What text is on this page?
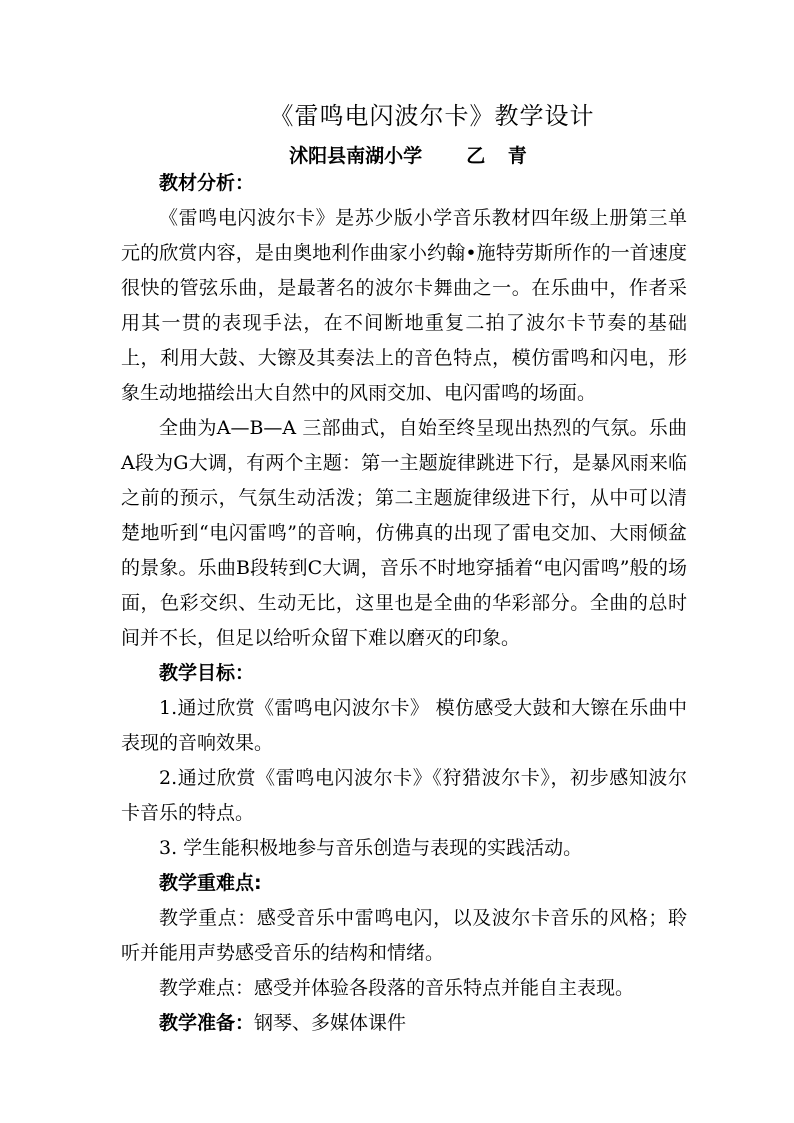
《雷鸣电闪波尔卡》教学设计
沭阳县南湖小学 乙 青

教材分析：

《雷鸣电闪波尔卡》是苏少版小学音乐教材四年级上册第三单元的欣赏内容，是由奥地利作曲家小约翰•施特劳斯所作的一首速度很快的管弦乐曲，是最著名的波尔卡舞曲之一。在乐曲中，作者采用其一贯的表现手法，在不间断地重复二拍了波尔卡节奏的基础上，利用大鼓、大镲及其奏法上的音色特点，模仿雷鸣和闪电，形象生动地描绘出大自然中的风雨交加、电闪雷鸣的场面。

全曲为A—B—A 三部曲式，自始至终呈现出热烈的气氛。乐曲A段为G大调，有两个主题：第一主题旋律跳进下行，是暴风雨来临之前的预示，气氛生动活泼；第二主题旋律级进下行，从中可以清楚地听到“电闪雷鸣”的音响，仿佛真的出现了雷电交加、大雨倾盆的景象。乐曲B段转到C大调，音乐不时地穿插着“电闪雷鸣”般的场面，色彩交织、生动无比，这里也是全曲的华彩部分。全曲的总时间并不长，但足以给听众留下难以磨灭的印象。

教学目标：

1.通过欣赏《雷鸣电闪波尔卡》 模仿感受大鼓和大镲在乐曲中表现的音响效果。

2.通过欣赏《雷鸣电闪波尔卡》《狩猎波尔卡》，初步感知波尔卡音乐的特点。

3. 学生能积极地参与音乐创造与表现的实践活动。

教学重难点:

教学重点：感受音乐中雷鸣电闪，以及波尔卡音乐的风格；聆听并能用声势感受音乐的结构和情绪。

教学难点：感受并体验各段落的音乐特点并能自主表现。

教学准备：钢琴、多媒体课件
